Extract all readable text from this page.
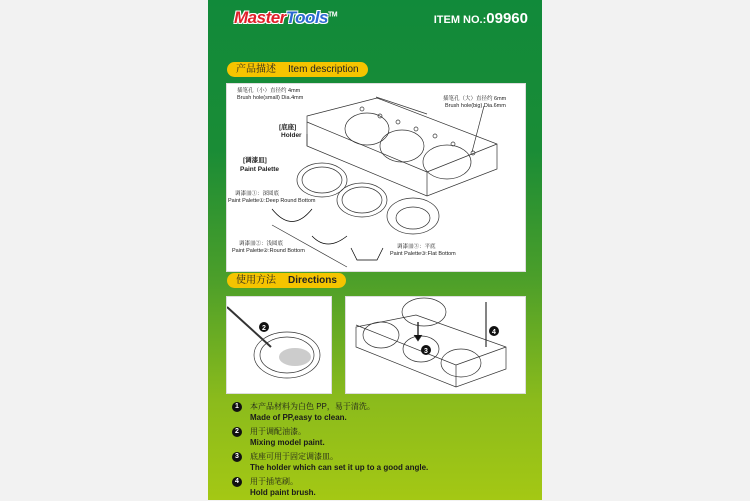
MasterTools™	ITEM NO.:09960
产品描述 Item description
插笔孔（小）直径约 4mm
Brush hole(small) Dia.4mm	插笔孔（大）直径约 6mm
Brush hole(big) Dia.6mm
[底座]
Holder
[调漆皿]
Paint Palette
调漆皿①：深圆底
Paint Palette①:Deep Round Bottom
调漆皿②：浅圆底
Paint Palette②:Round Bottom
调漆皿③：平底
Paint Palette③:Flat Bottom
使用方法 Directions
2
3
4
1	本产品材料为白色 PP，易于清洗。
Made of PP,easy to clean.
2	用于调配油漆。
Mixing model paint.
3	底座可用于固定调漆皿。
The holder which can set it up to a good angle.
4	用于插笔刷。
Hold paint brush.
